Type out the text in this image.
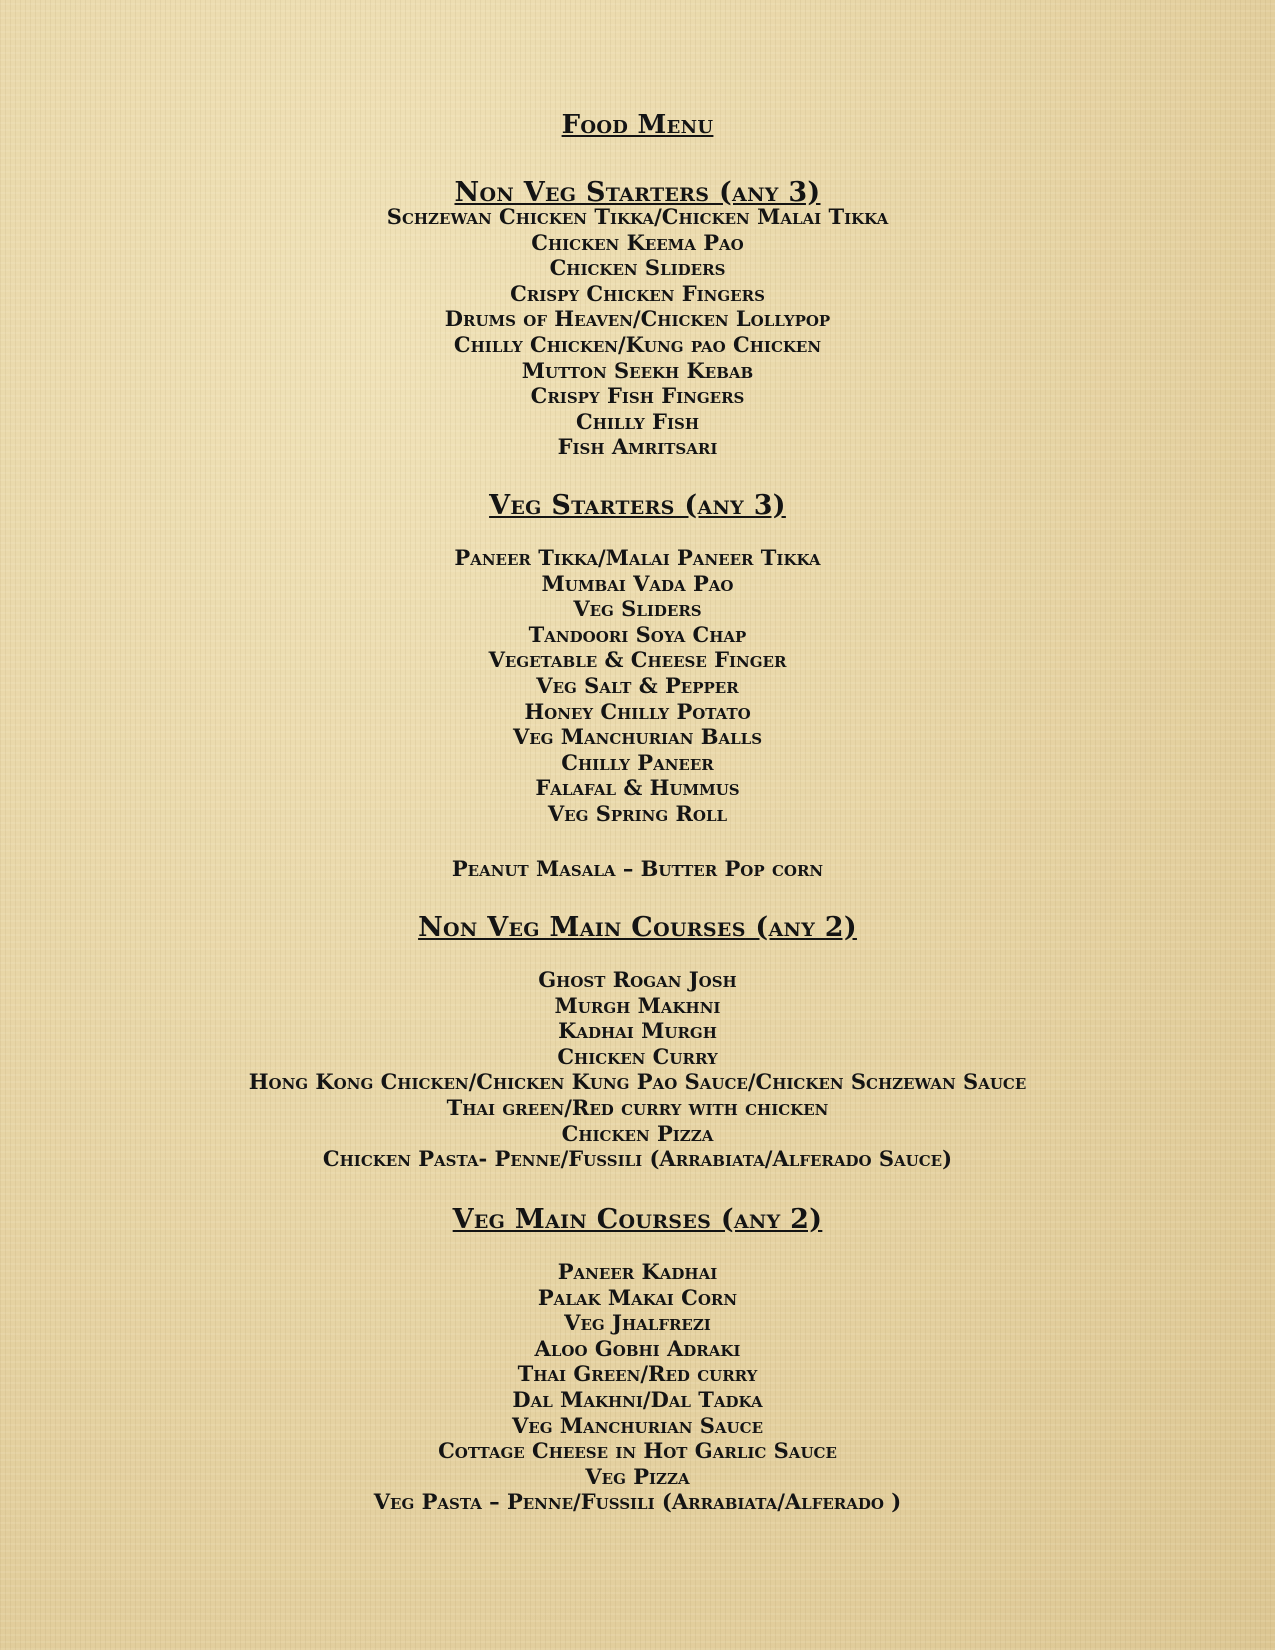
Food Menu
Non Veg Starters (any 3)
Schzewan Chicken Tikka/Chicken Malai Tikka
Chicken Keema Pao
Chicken Sliders
Crispy Chicken Fingers
Drums of Heaven/Chicken Lollypop
Chilly Chicken/Kung pao Chicken
Mutton Seekh Kebab
Crispy Fish Fingers
Chilly Fish
Fish Amritsari
Veg Starters (any 3)
Paneer Tikka/Malai Paneer Tikka
Mumbai Vada Pao
Veg Sliders
Tandoori Soya Chap
Vegetable & Cheese Finger
Veg Salt & Pepper
Honey Chilly Potato
Veg Manchurian Balls
Chilly Paneer
Falafal & Hummus
Veg Spring Roll
Peanut Masala – Butter Pop corn
Non Veg Main Courses (any 2)
Ghost Rogan Josh
Murgh Makhni
Kadhai Murgh
Chicken Curry
Hong Kong Chicken/Chicken Kung Pao Sauce/Chicken Schzewan Sauce
Thai green/Red curry with chicken
Chicken Pizza
Chicken Pasta- Penne/Fussili (Arrabiata/Alferado Sauce)
Veg Main Courses (any 2)
Paneer Kadhai
Palak Makai Corn
Veg Jhalfrezi
Aloo Gobhi Adraki
Thai Green/Red curry
Dal Makhni/Dal Tadka
Veg Manchurian Sauce
Cottage Cheese in Hot Garlic Sauce
Veg Pizza
Veg Pasta – Penne/Fussili (Arrabiata/Alferado )
